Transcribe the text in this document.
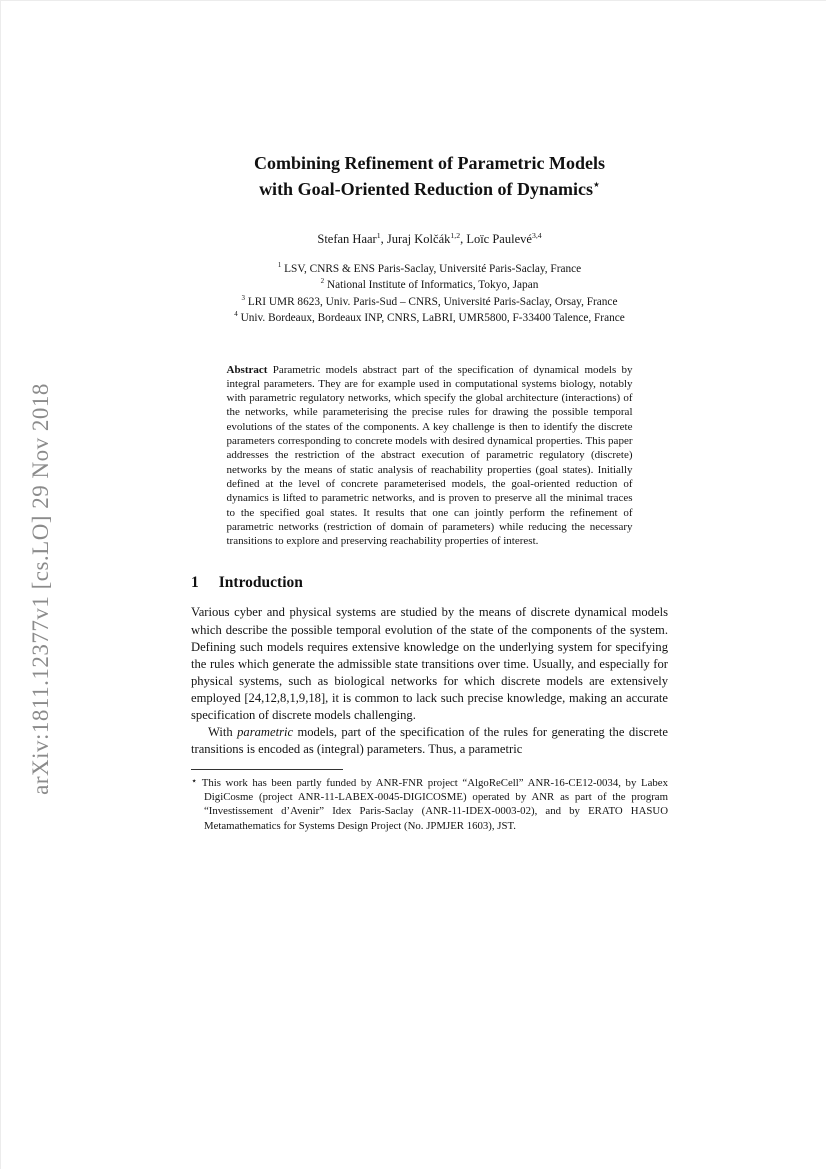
arXiv:1811.12377v1 [cs.LO] 29 Nov 2018
Combining Refinement of Parametric Models
with Goal-Oriented Reduction of Dynamics⋆
Stefan Haar$^1$, Juraj Kolčák$^{1,2}$, Loïc Paulevé$^{3,4}$
$^1$ LSV, CNRS & ENS Paris-Saclay, Université Paris-Saclay, France
$^2$ National Institute of Informatics, Tokyo, Japan
$^3$ LRI UMR 8623, Univ. Paris-Sud – CNRS, Université Paris-Saclay, Orsay, France
$^4$ Univ. Bordeaux, Bordeaux INP, CNRS, LaBRI, UMR5800, F-33400 Talence, France
Abstract Parametric models abstract part of the specification of dynamical models by integral parameters. They are for example used in computational systems biology, notably with parametric regulatory networks, which specify the global architecture (interactions) of the networks, while parameterising the precise rules for drawing the possible temporal evolutions of the states of the components. A key challenge is then to identify the discrete parameters corresponding to concrete models with desired dynamical properties. This paper addresses the restriction of the abstract execution of parametric regulatory (discrete) networks by the means of static analysis of reachability properties (goal states). Initially defined at the level of concrete parameterised models, the goal-oriented reduction of dynamics is lifted to parametric networks, and is proven to preserve all the minimal traces to the specified goal states. It results that one can jointly perform the refinement of parametric networks (restriction of domain of parameters) while reducing the necessary transitions to explore and preserving reachability properties of interest.
1 Introduction

Various cyber and physical systems are studied by the means of discrete dynamical models which describe the possible temporal evolution of the state of the components of the system. Defining such models requires extensive knowledge on the underlying system for specifying the rules which generate the admissible state transitions over time. Usually, and especially for physical systems, such as biological networks for which discrete models are extensively employed [24,12,8,1,9,18], it is common to lack such precise knowledge, making an accurate specification of discrete models challenging.

With parametric models, part of the specification of the rules for generating the discrete transitions is encoded as (integral) parameters. Thus, a parametric

⋆ This work has been partly funded by ANR-FNR project “AlgoReCell” ANR-16-CE12-0034, by Labex DigiCosme (project ANR-11-LABEX-0045-DIGICOSME) operated by ANR as part of the program “Investissement d’Avenir” Idex Paris-Saclay (ANR-11-IDEX-0003-02), and by ERATO HASUO Metamathematics for Systems Design Project (No. JPMJER 1603), JST.
